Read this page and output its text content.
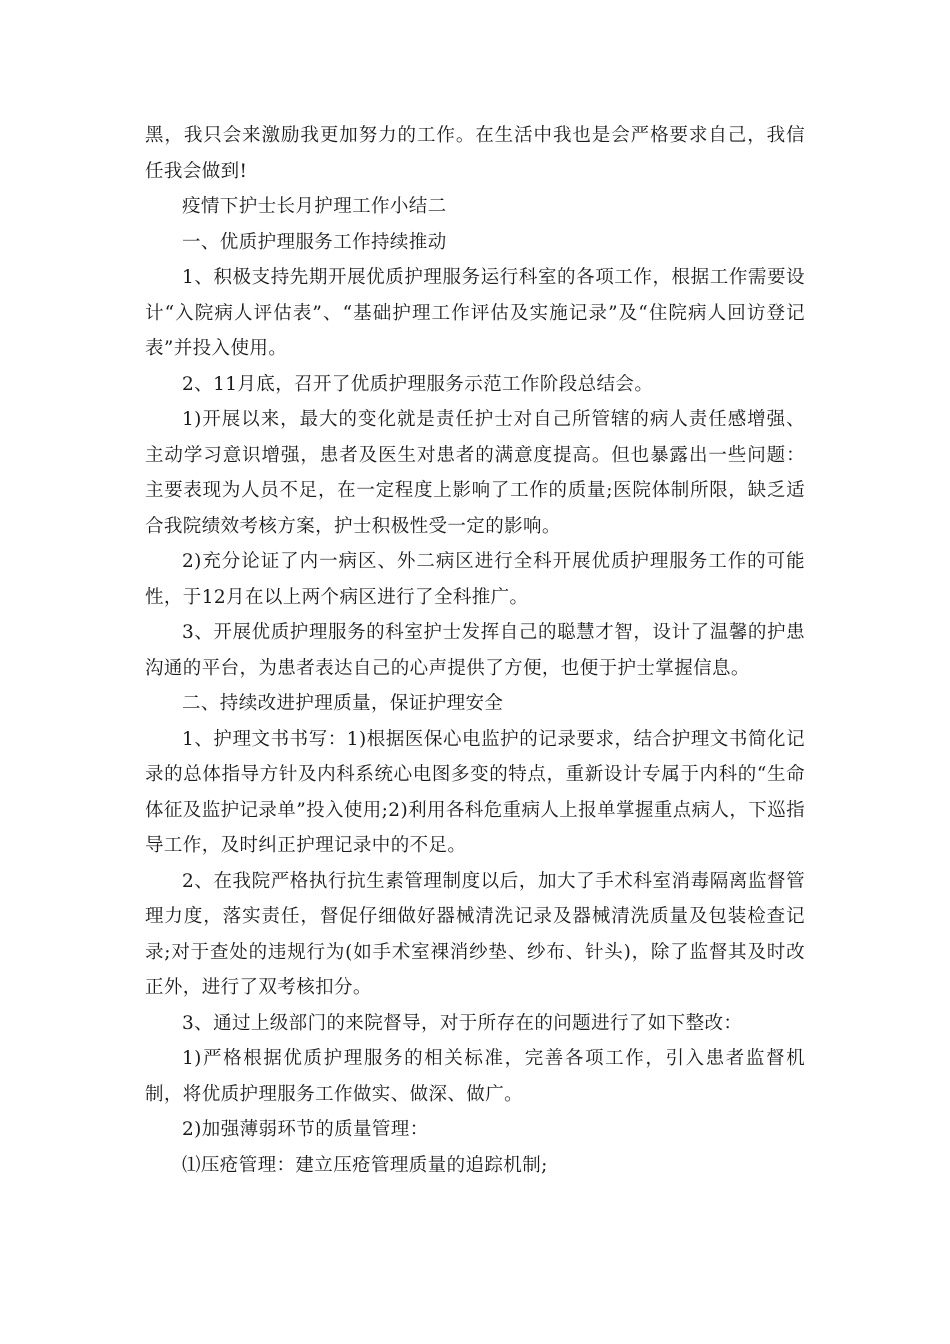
黑，我只会来激励我更加努力的工作。在生活中我也是会严格要求自己，我信任我会做到!

疫情下护士长月护理工作小结二

一、优质护理服务工作持续推动

1、积极支持先期开展优质护理服务运行科室的各项工作，根据工作需要设计“入院病人评估表”、“基础护理工作评估及实施记录”及“住院病人回访登记表”并投入使用。

2、11月底，召开了优质护理服务示范工作阶段总结会。

1)开展以来，最大的变化就是责任护士对自己所管辖的病人责任感增强、主动学习意识增强，患者及医生对患者的满意度提高。但也暴露出一些问题：主要表现为人员不足，在一定程度上影响了工作的质量;医院体制所限，缺乏适合我院绩效考核方案，护士积极性受一定的影响。

2)充分论证了内一病区、外二病区进行全科开展优质护理服务工作的可能性，于12月在以上两个病区进行了全科推广。

3、开展优质护理服务的科室护士发挥自己的聪慧才智，设计了温馨的护患沟通的平台，为患者表达自己的心声提供了方便，也便于护士掌握信息。

二、持续改进护理质量，保证护理安全

1、护理文书书写：1)根据医保心电监护的记录要求，结合护理文书简化记录的总体指导方针及内科系统心电图多变的特点，重新设计专属于内科的“生命体征及监护记录单”投入使用;2)利用各科危重病人上报单掌握重点病人，下巡指导工作，及时纠正护理记录中的不足。

2、在我院严格执行抗生素管理制度以后，加大了手术科室消毒隔离监督管理力度，落实责任，督促仔细做好器械清洗记录及器械清洗质量及包装检查记录;对于查处的违规行为(如手术室裸消纱垫、纱布、针头)，除了监督其及时改正外，进行了双考核扣分。

3、通过上级部门的来院督导，对于所存在的问题进行了如下整改：

1)严格根据优质护理服务的相关标准，完善各项工作，引入患者监督机制，将优质护理服务工作做实、做深、做广。

2)加强薄弱环节的质量管理：

⑴压疮管理：建立压疮管理质量的追踪机制;
